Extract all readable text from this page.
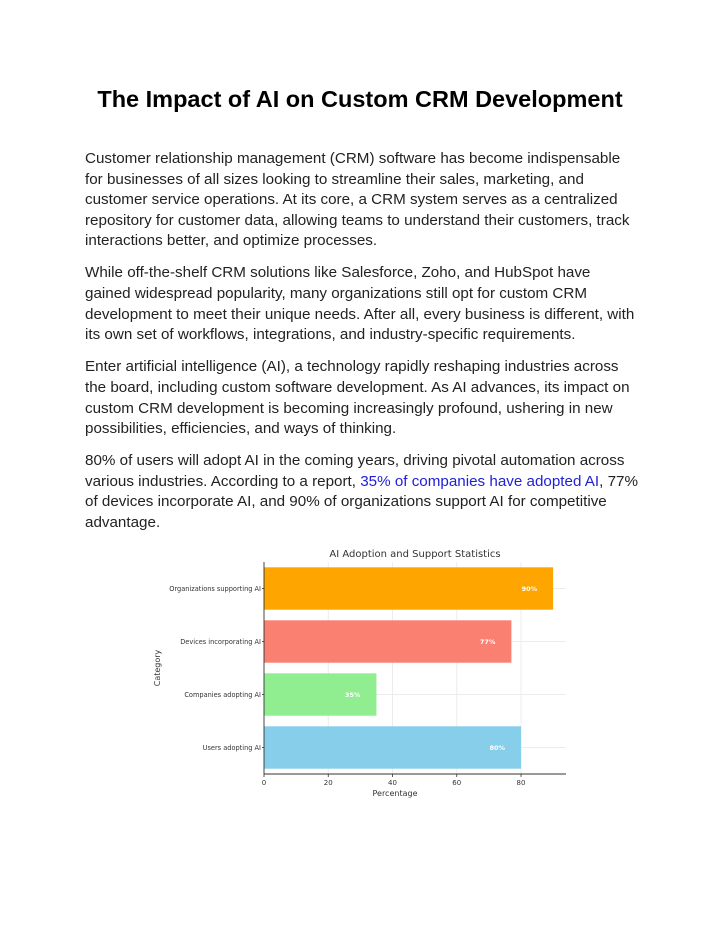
The Impact of AI on Custom CRM Development

Customer relationship management (CRM) software has become indispensable for businesses of all sizes looking to streamline their sales, marketing, and customer service operations. At its core, a CRM system serves as a centralized repository for customer data, allowing teams to understand their customers, track interactions better, and optimize processes.

While off-the-shelf CRM solutions like Salesforce, Zoho, and HubSpot have gained widespread popularity, many organizations still opt for custom CRM development to meet their unique needs. After all, every business is different, with its own set of workflows, integrations, and industry-specific requirements.

Enter artificial intelligence (AI), a technology rapidly reshaping industries across the board, including custom software development. As AI advances, its impact on custom CRM development is becoming increasingly profound, ushering in new possibilities, efficiencies, and ways of thinking.

80% of users will adopt AI in the coming years, driving pivotal automation across various industries. According to a report, 35% of companies have adopted AI, 77% of devices incorporate AI, and 90% of organizations support AI for competitive advantage.

AI Adoption and Support Statistics
90%
Organizations supporting AI
77%
Devices incorporating AI
35%
Companies adopting AI
80%
Users adopting AI
0	20	40	60	80
Percentage
Category
